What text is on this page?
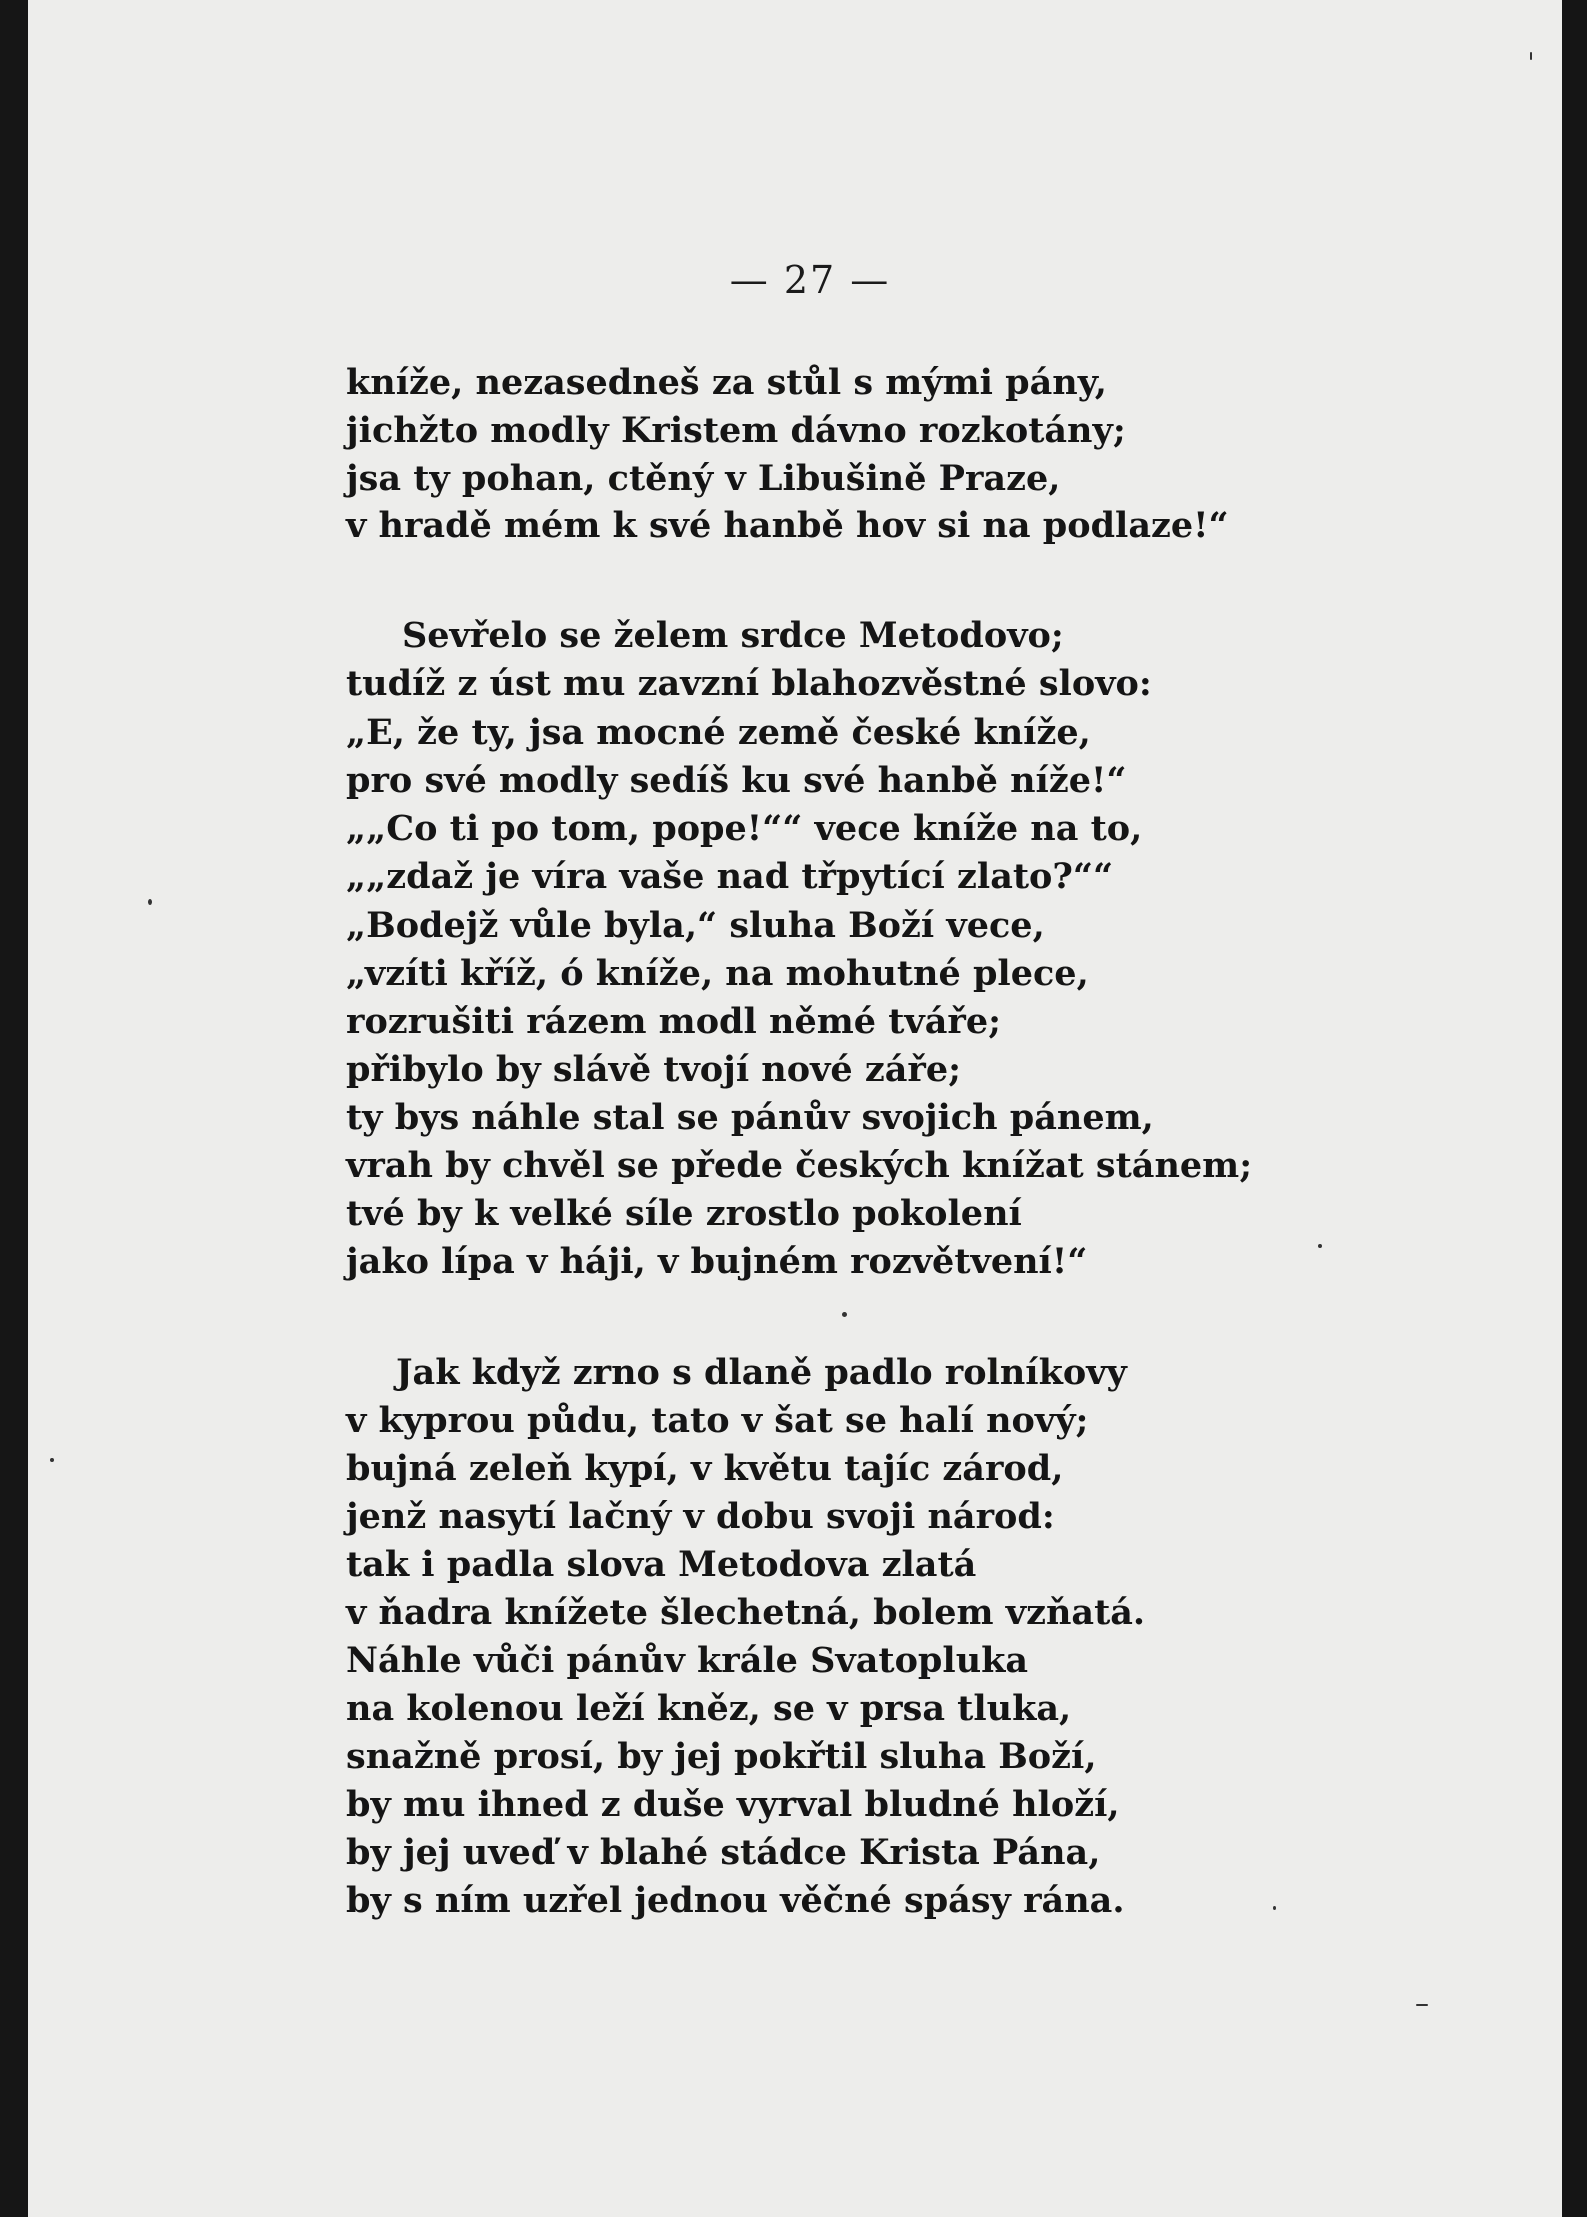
— 27 —
kníže, nezasedneš za stůl s mými pány,
jichžto modly Kristem dávno rozkotány;
jsa ty pohan, ctěný v Libušině Praze,
v hradě mém k své hanbě hov si na podlaze!“
Sevřelo se želem srdce Metodovo;
tudíž z úst mu zavzní blahozvěstné slovo:
„E, že ty, jsa mocné země české kníže,
pro své modly sedíš ku své hanbě níže!“
„„Co ti po tom, pope!““ vece kníže na to,
„„zdaž je víra vaše nad třpytící zlato?““
„Bodejž vůle byla,“ sluha Boží vece,
„vzíti kříž, ó kníže, na mohutné plece,
rozrušiti rázem modl němé tváře;
přibylo by slávě tvojí nové záře;
ty bys náhle stal se pánův svojich pánem,
vrah by chvěl se přede českých knížat stánem;
tvé by k velké síle zrostlo pokolení
jako lípa v háji, v bujném rozvětvení!“
Jak když zrno s dlaně padlo rolníkovy
v kyprou půdu, tato v šat se halí nový;
bujná zeleň kypí, v květu tajíc zárod,
jenž nasytí lačný v dobu svoji národ:
tak i padla slova Metodova zlatá
v ňadra knížete šlechetná, bolem vzňatá.
Náhle vůči pánův krále Svatopluka
na kolenou leží kněz, se v prsa tluka,
snažně prosí, by jej pokřtil sluha Boží,
by mu ihned z duše vyrval bludné hloží,
by jej uveď v blahé stádce Krista Pána,
by s ním uzřel jednou věčné spásy rána.
